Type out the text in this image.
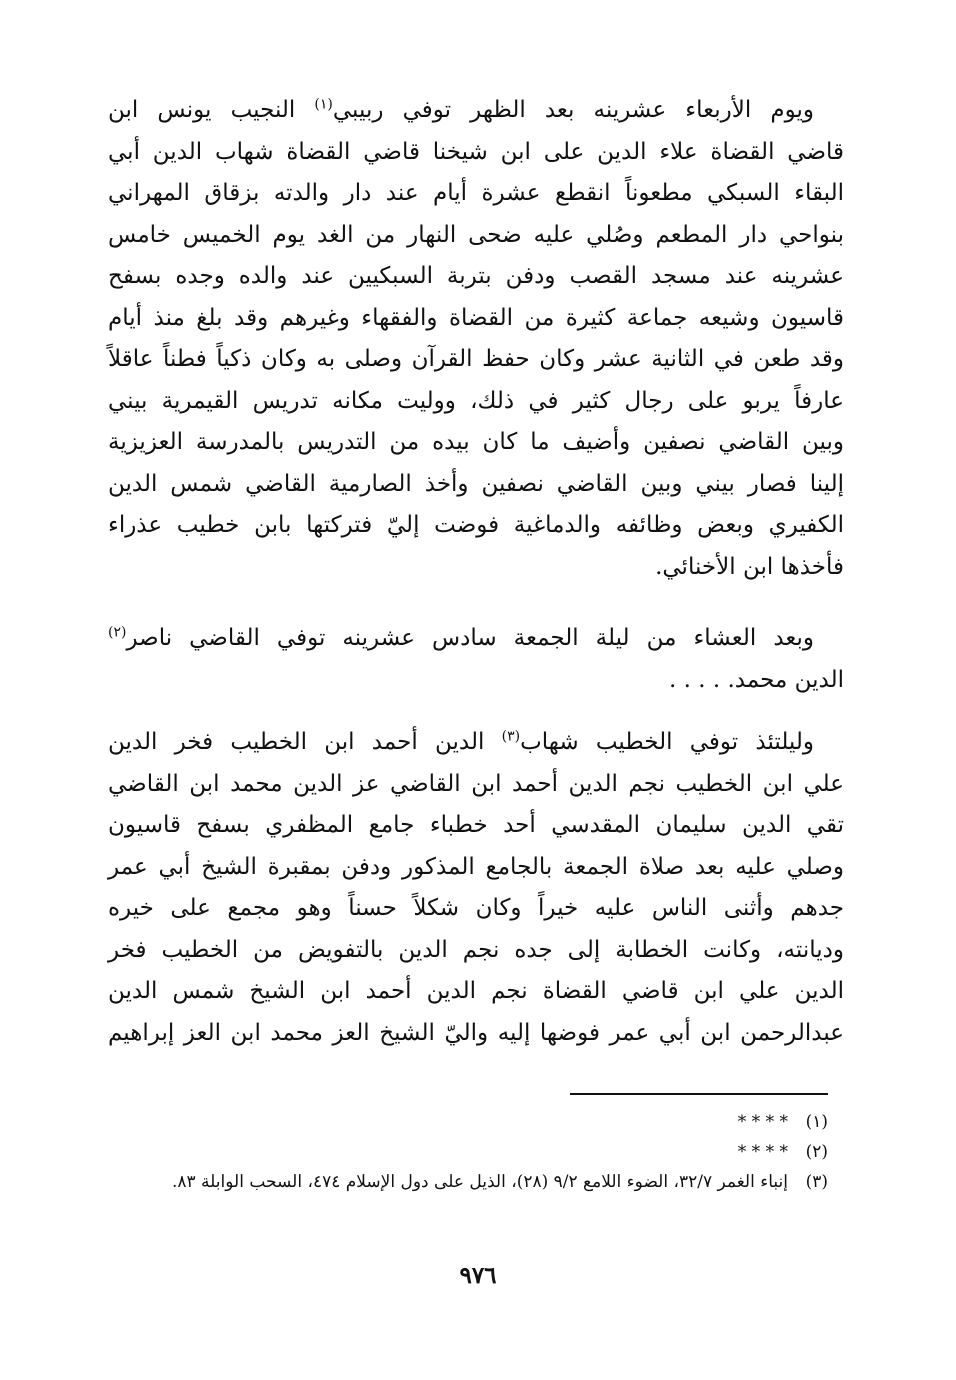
ويوم الأربعاء عشرينه بعد الظهر توفي ربيبي$^{(١)}$ النجيب يونس ابن
قاضي القضاة علاء الدين على ابن شيخنا قاضي القضاة شهاب الدين أبي
البقاء السبكي مطعوناً انقطع عشرة أيام عند دار والدته بزقاق المهراني
بنواحي دار المطعم وصُلي عليه ضحى النهار من الغد يوم الخميس خامس
عشرينه عند مسجد القصب ودفن بتربة السبكيين عند والده وجده بسفح
قاسيون وشيعه جماعة كثيرة من القضاة والفقهاء وغيرهم وقد بلغ منذ أيام
وقد طعن في الثانية عشر وكان حفظ القرآن وصلى به وكان ذكياً فطناً عاقلاً
عارفاً يربو على رجال كثير في ذلك، ووليت مكانه تدريس القيمرية بيني
وبين القاضي نصفين وأضيف ما كان بيده من التدريس بالمدرسة العزيزية
إلينا فصار بيني وبين القاضي نصفين وأخذ الصارمية القاضي شمس الدين
الكفيري وبعض وظائفه والدماغية فوضت إليّ فتركتها بابن خطيب عذراء
فأخذها ابن الأخنائي.
وبعد العشاء من ليلة الجمعة سادس عشرينه توفي القاضي ناصر$^{(٢)}$
الدين محمد. . . . .
وليلتئذ توفي الخطيب شهاب$^{(٣)}$ الدين أحمد ابن الخطيب فخر الدين
علي ابن الخطيب نجم الدين أحمد ابن القاضي عز الدين محمد ابن القاضي
تقي الدين سليمان المقدسي أحد خطباء جامع المظفري بسفح قاسيون
وصلي عليه بعد صلاة الجمعة بالجامع المذكور ودفن بمقبرة الشيخ أبي عمر
جدهم وأثنى الناس عليه خيراً وكان شكلاً حسناً وهو مجمع على خيره
وديانته، وكانت الخطابة إلى جده نجم الدين بالتفويض من الخطيب فخر
الدين علي ابن قاضي القضاة نجم الدين أحمد ابن الشيخ شمس الدين
عبدالرحمن ابن أبي عمر فوضها إليه واليّ الشيخ العز محمد ابن العز إبراهيم
(١)
* * * *
(٢)
* * * *
(٣)
إنباء الغمر ٣٢/٧، الضوء اللامع ٩/٢ (٢٨)، الذيل على دول الإسلام ٤٧٤، السحب الوابلة ٨٣.
٩٧٦
